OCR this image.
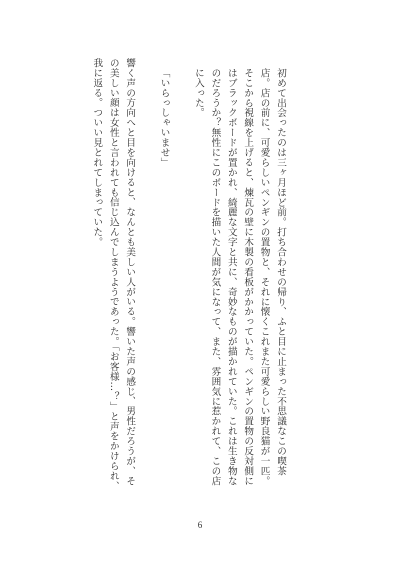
初めて出会ったのは三ヶ月ほど前。打ち合わせの帰り、ふと目に止まった不思議なこの喫茶店。店の前に、可愛らしいペンギンの置物と、それに懐くこれまた可愛らしい野良猫が一匹。そこから視線を上げると、煉瓦の壁に木製の看板がかかっていた。ペンギンの置物の反対側にはブラックボードが置かれ、綺麗な文字と共に、奇妙なものが描かれていた。これは生き物なのだろうか？無性にこのボードを描いた人間が気になって、また、雰囲気に惹かれて、この店に入った。

「いらっしゃいませ」

響く声の方向へと目を向けると、なんとも美しい人がいる。響いた声の感じ、男性だろうが、その美しい顔は女性と言われても信じ込んでしまうようであった。「お客様…？」と声をかけられ、我に返る。ついい見とれてしまっていた。

6
